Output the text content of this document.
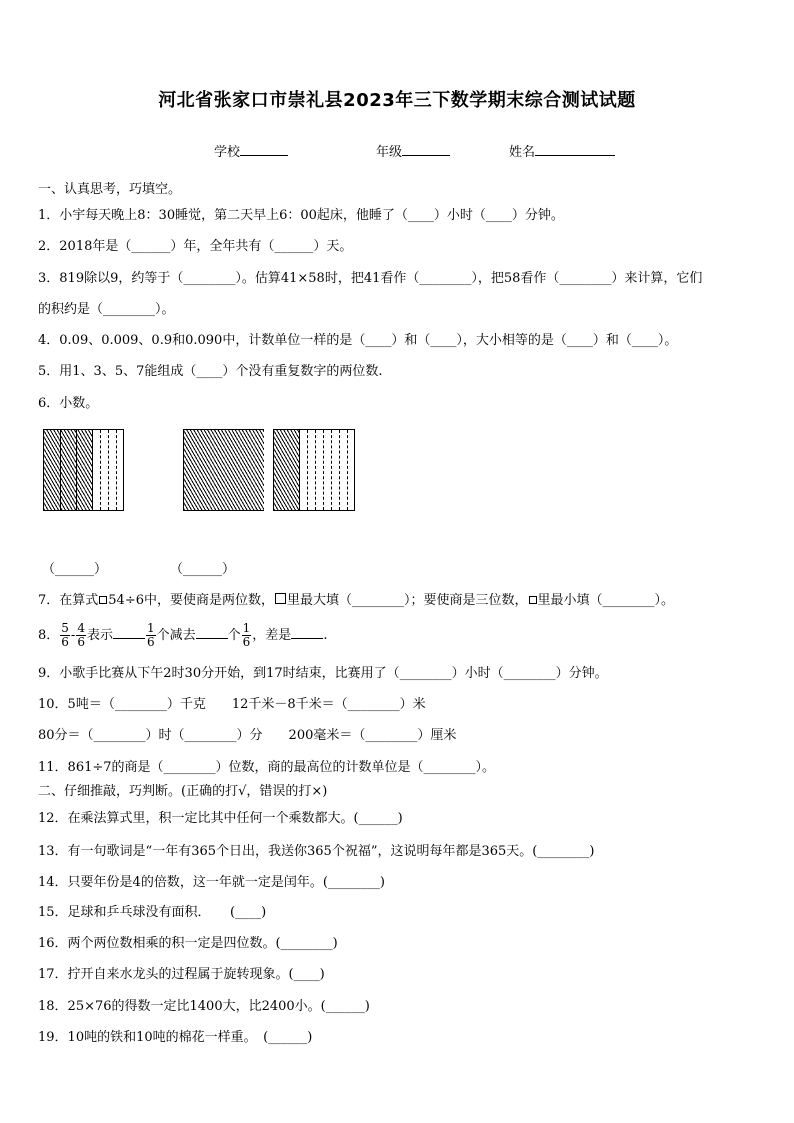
河北省张家口市崇礼县2023年三下数学期末综合测试试题
学校	年级	姓名
一、认真思考，巧填空。
1．小宇每天晚上8：30睡觉，第二天早上6：00起床，他睡了（____）小时（____）分钟。
2．2018年是（______）年，全年共有（______）天。
3．819除以9，约等于（________）。估算41×58时，把41看作（________），把58看作（________）来计算，它们
的积约是（________）。
4．0.09、0.009、0.9和0.090中，计数单位一样的是（____）和（____），大小相等的是（____）和（____）。
5．用1、3、5、7能组成（____）个没有重复数字的两位数.
6．小数。
（______）	（______）
7．在算式 54÷6中，要使商是两位数， 里最大填（________）；要使商是三位数， 里最小填（________）。
8． $\frac{5}{6} - \frac{4}{6}$ 表示	$\frac{1}{6}$ 个减去 个 $\frac{1}{6}$ ，差是 .
9．小歌手比赛从下午2时30分开始，到17时结束，比赛用了（________）小时（________）分钟。
10．5吨＝（________）千克　　12千米－8千米＝（________）米
80分＝（________）时（________）分　　200毫米＝（________）厘米
11．861÷7的商是（________）位数，商的最高位的计数单位是（________）。
二、仔细推敲，巧判断。(正确的打√，错误的打×)
12．在乘法算式里，积一定比其中任何一个乘数都大。(______)
13．有一句歌词是“一年有365个日出，我送你365个祝福”，这说明每年都是365天。(________)
14．只要年份是4的倍数，这一年就一定是闰年。(________)
15．足球和乒乓球没有面积．　　(____)
16．两个两位数相乘的积一定是四位数。(________)
17．拧开自来水龙头的过程属于旋转现象。(____)
18．25×76的得数一定比1400大，比2400小。(______)
19．10吨的铁和10吨的棉花一样重。　(______)
